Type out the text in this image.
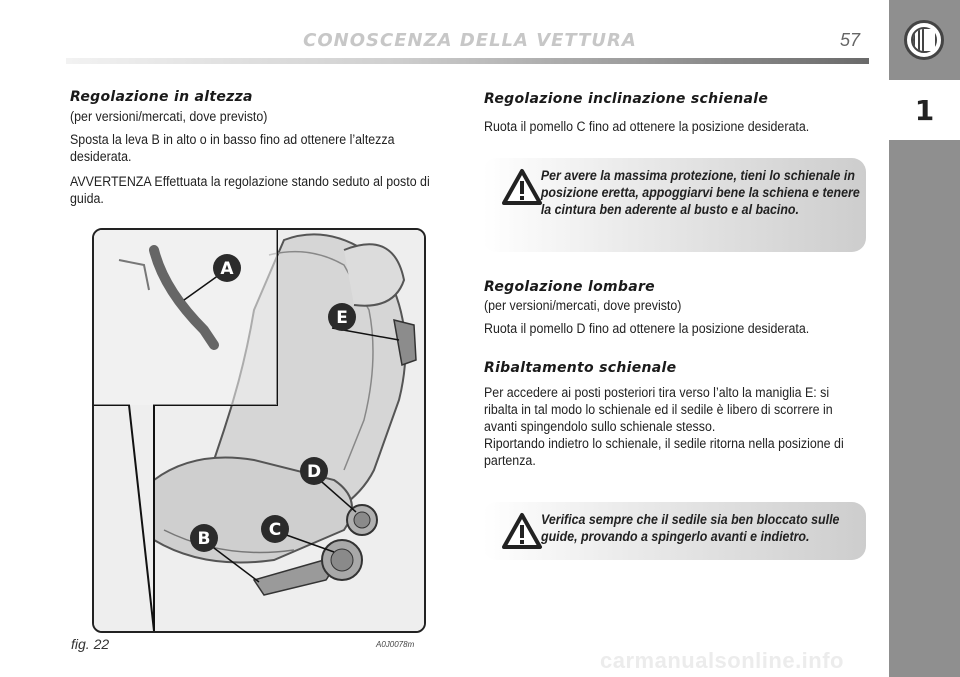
CONOSCENZA DELLA VETTURA	57
1
Regolazione in altezza

(per versioni/mercati, dove previsto)

Sposta la leva B in alto o in basso fino ad ottenere l’altezza desiderata.

AVVERTENZA Effettuata la regolazione stando seduto al posto di guida.

A
E
D
C
B
fig. 22	A0J0078m
Regolazione inclinazione schienale
Ruota il pomello C fino ad ottenere la posizione desiderata.
Per avere la massima protezione, tieni lo schienale in posizione eretta, appoggiarvi bene la schiena e tenere la cintura ben aderente al busto e al bacino.
Regolazione lombare

(per versioni/mercati, dove previsto)

Ruota il pomello D fino ad ottenere la posizione desiderata.

Ribaltamento schienale

Per accedere ai posti posteriori tira verso l’alto la maniglia E: si ribalta in tal modo lo schienale ed il sedile è libero di scorrere in avanti spingendolo sullo schienale stesso.

Riportando indietro lo schienale, il sedile ritorna nella posizione di partenza.

Verifica sempre che il sedile sia ben bloccato sulle guide, provando a spingerlo avanti e indietro.
carmanualsonline.info
